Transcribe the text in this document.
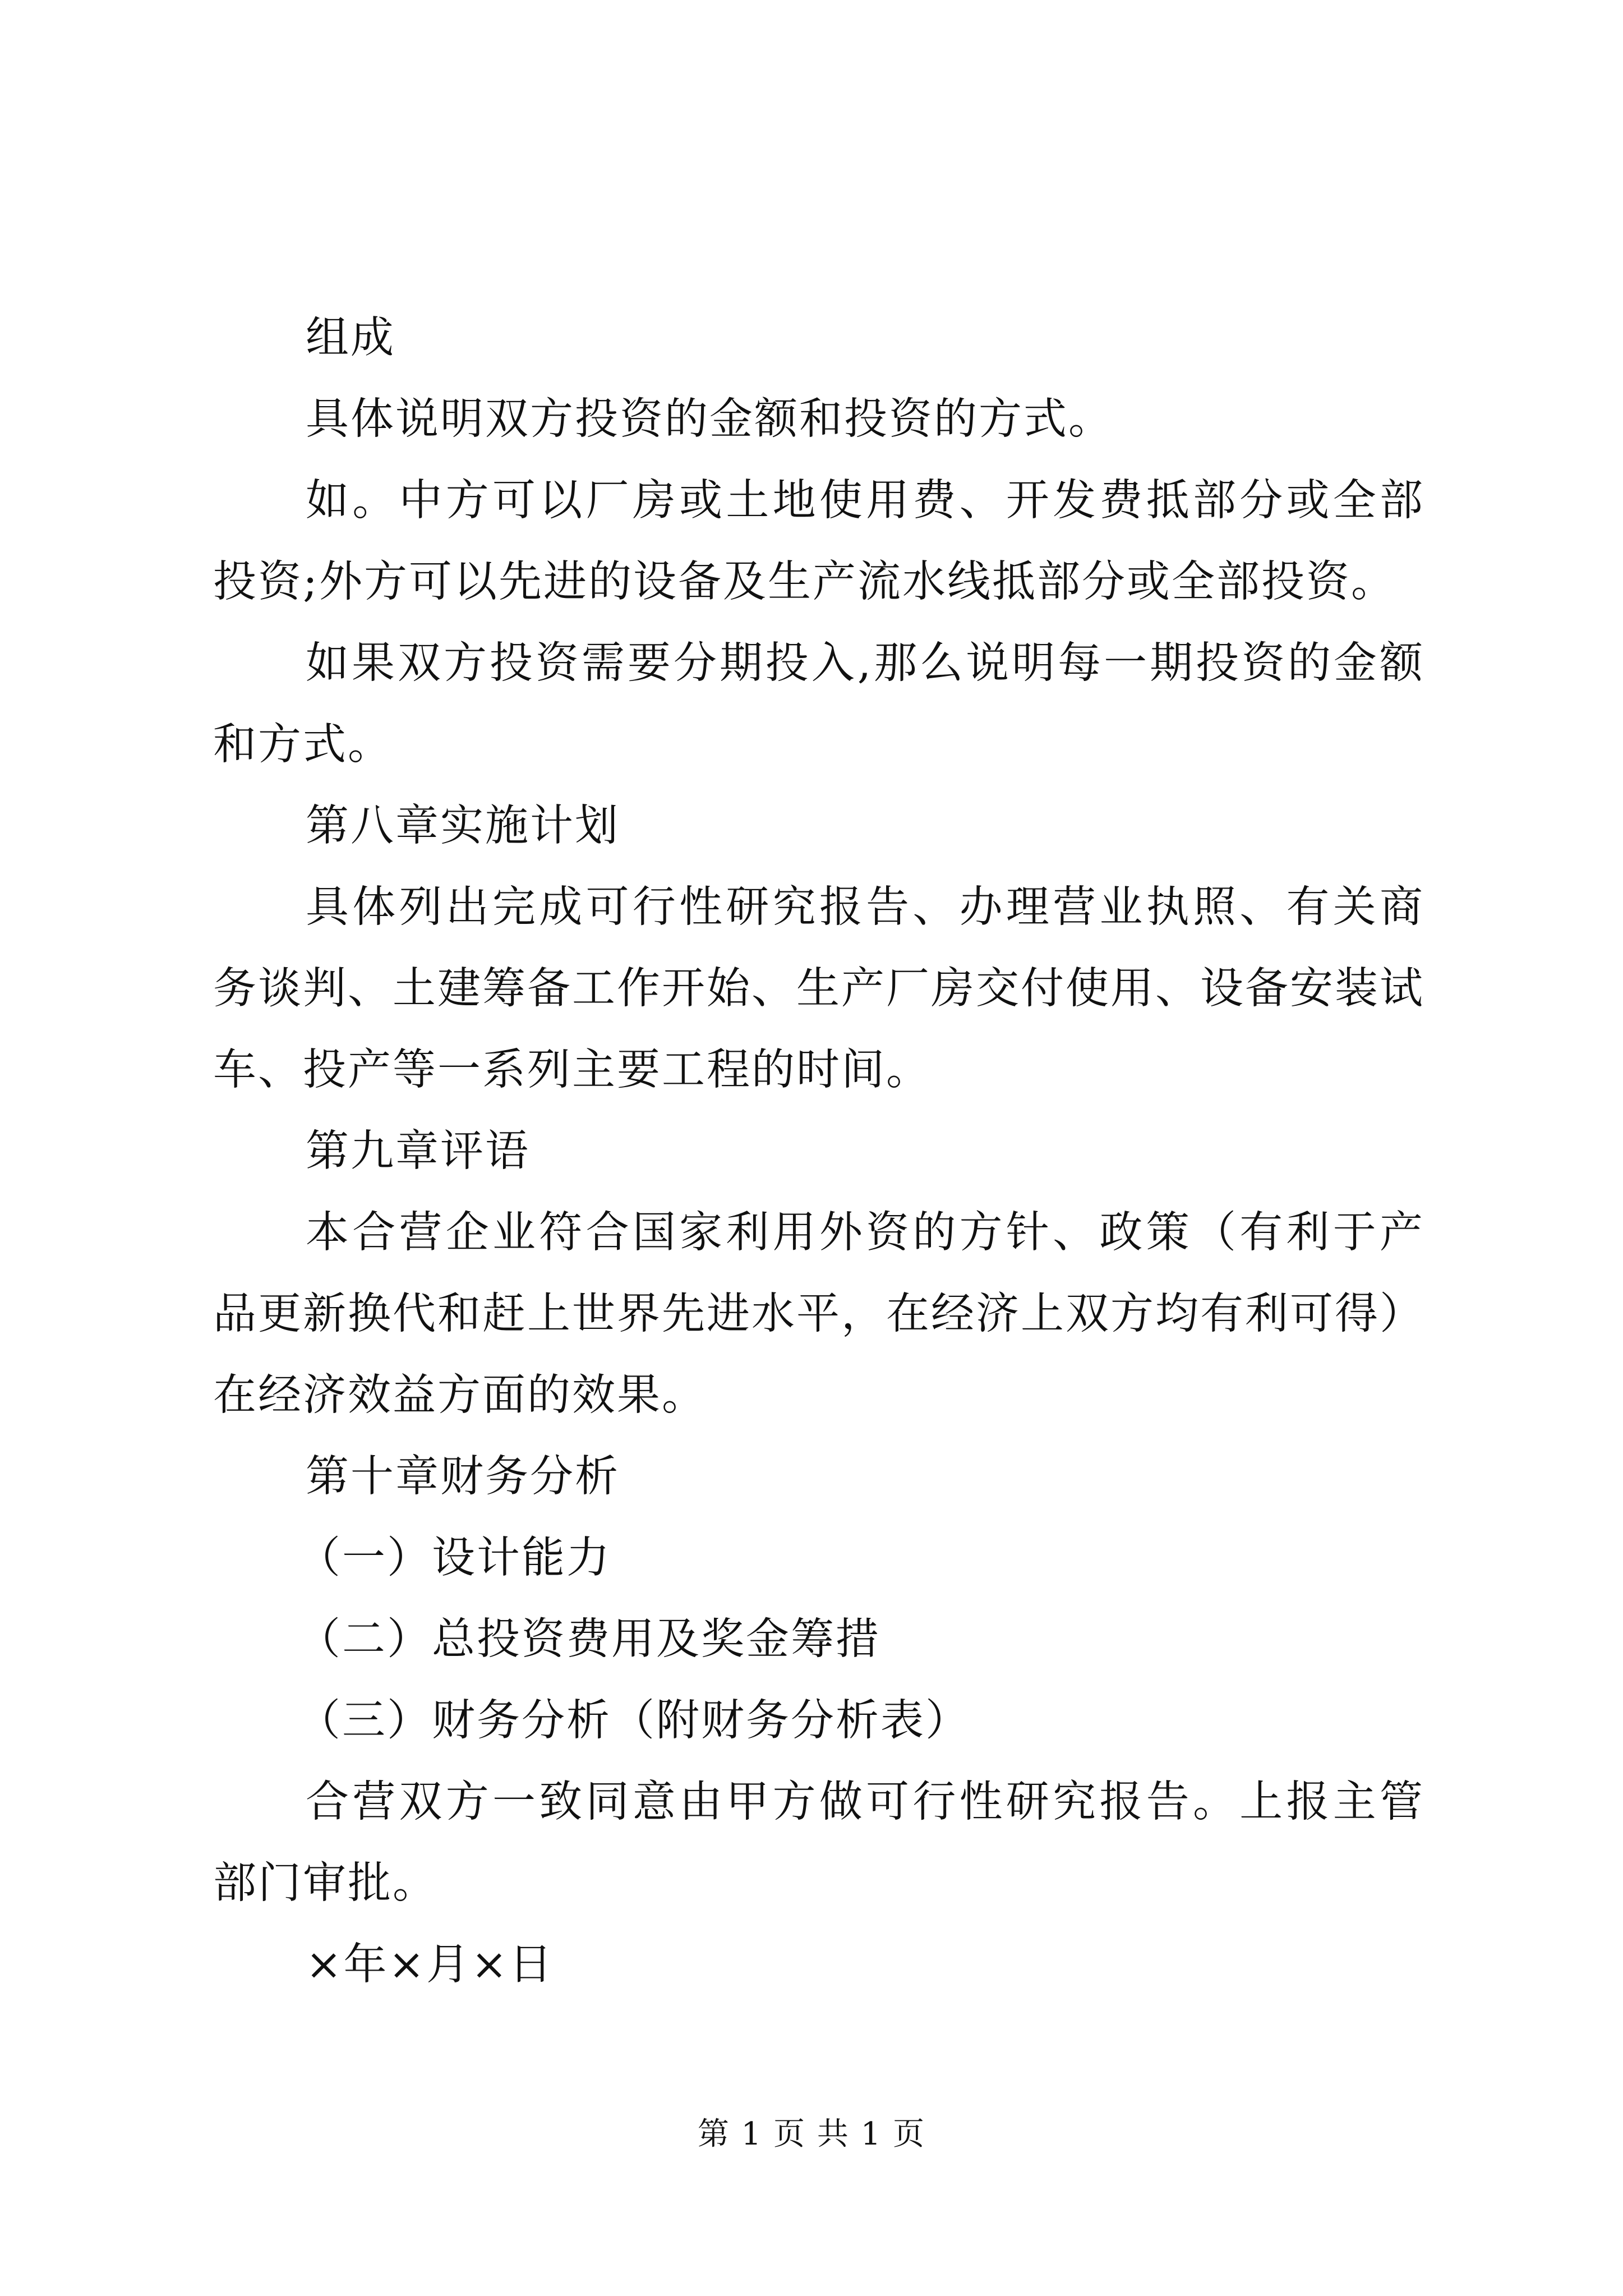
组成

具体说明双方投资的金额和投资的方式。

如。中方可以厂房或土地使用费、开发费抵部分或全部投资;外方可以先进的设备及生产流水线抵部分或全部投资。

如果双方投资需要分期投入,那么说明每一期投资的金额和方式。

第八章实施计划

具体列出完成可行性研究报告、办理营业执照、有关商务谈判、土建筹备工作开始、生产厂房交付使用、设备安装试车、投产等一系列主要工程的时间。

第九章评语

本合营企业符合国家利用外资的方针、政策（有利于产品更新换代和赶上世界先进水平，在经济上双方均有利可得）在经济效益方面的效果。

第十章财务分析

（一）设计能力

（二）总投资费用及奖金筹措

（三）财务分析（附财务分析表）

合营双方一致同意由甲方做可行性研究报告。上报主管部门审批。

×年×月×日

第 1 页 共 1 页
